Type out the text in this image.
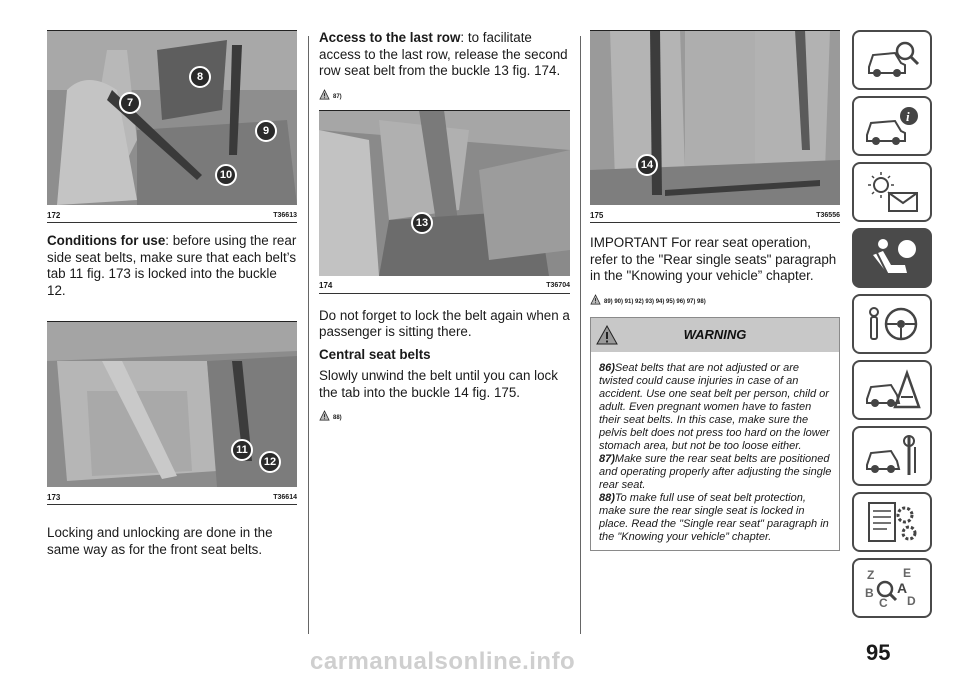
7
8
9
10
172	T36613

Conditions for use: before using the rear side seat belts, make sure that each belt’s tab 11 fig. 173 is locked into the buckle 12.

11
12
173	T36614

Locking and unlocking are done in the same way as for the front seat belts.

Access to the last row: to facilitate access to the last row, release the second row seat belt from the buckle 13 fig. 174.

87)
13
174	T36704

Do not forget to lock the belt again when a passenger is sitting there.

Central seat belts

Slowly unwind the belt until you can lock the tab into the buckle 14 fig. 175.

88)
14
175	T36556

IMPORTANT For rear seat operation, refer to the "Rear single seats" paragraph in the "Knowing your vehicle” chapter.

89) 90) 91) 92) 93) 94) 95) 96) 97) 98)
WARNING
86)Seat belts that are not adjusted or are twisted could cause injuries in case of an accident. Use one seat belt per person, child or adult. Even pregnant women have to fasten their seat belts. In this case, make sure the pelvis belt does not press too hard on the lower stomach area, but not be too loose either.
87)Make sure the rear seat belts are positioned and operating properly after adjusting the single rear seat.
88)To make full use of seat belt protection, make sure the rear single seat is locked in place. Read the "Single rear seat" paragraph in the "Knowing your vehicle” chapter.
i
Z E
A
B
C D
95
carmanualsonline.info
